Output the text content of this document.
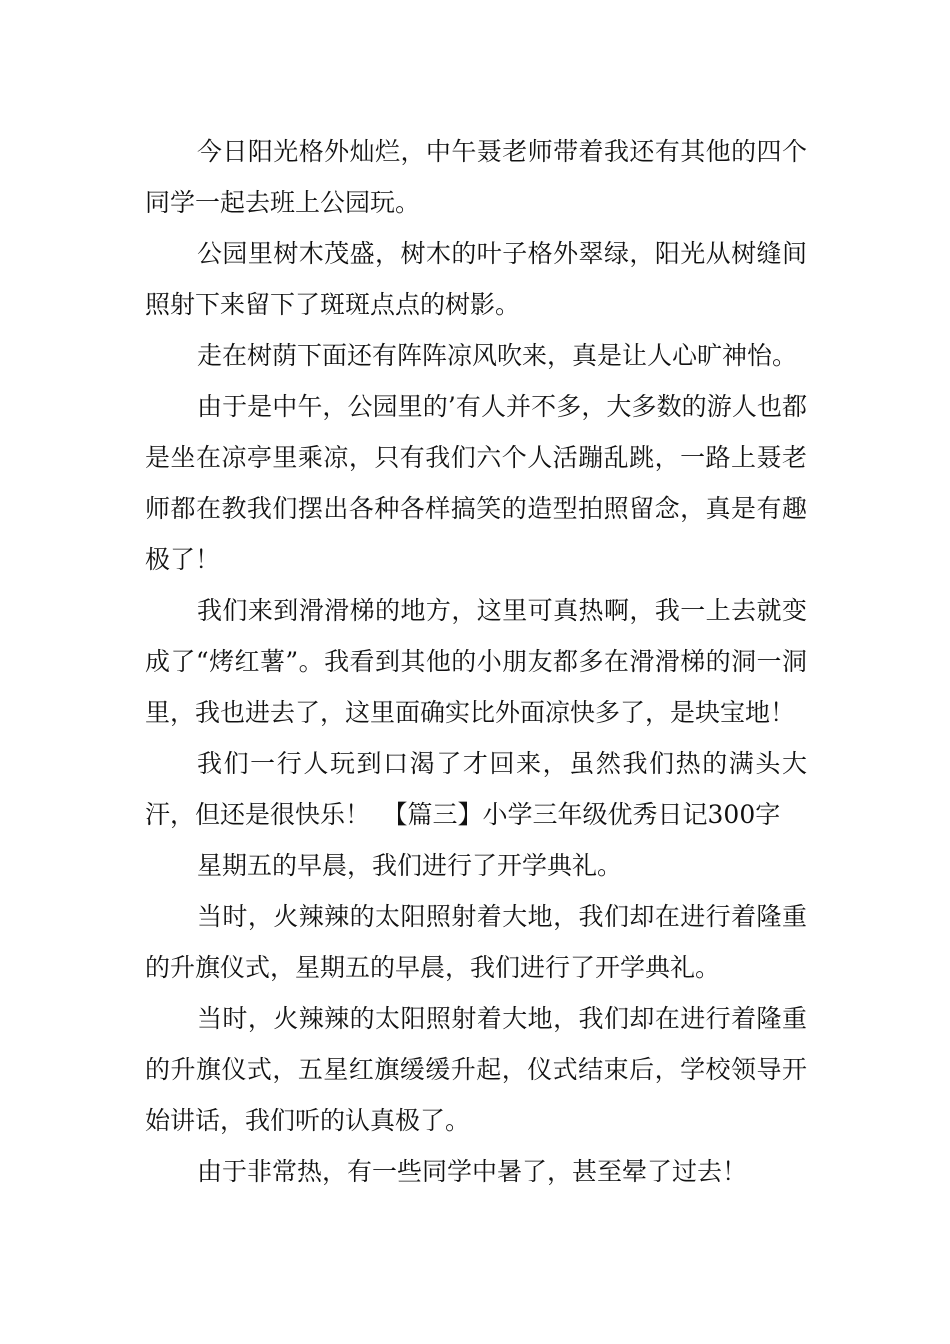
今日阳光格外灿烂，中午聂老师带着我还有其他的四个同学一起去班上公园玩。

公园里树木茂盛，树木的叶子格外翠绿，阳光从树缝间照射下来留下了斑斑点点的树影。

走在树荫下面还有阵阵凉风吹来，真是让人心旷神怡。

由于是中午，公园里的’有人并不多，大多数的游人也都是坐在凉亭里乘凉，只有我们六个人活蹦乱跳，一路上聂老师都在教我们摆出各种各样搞笑的造型拍照留念，真是有趣极了！

我们来到滑滑梯的地方，这里可真热啊，我一上去就变成了“烤红薯”。我看到其他的小朋友都多在滑滑梯的洞一洞里，我也进去了，这里面确实比外面凉快多了，是块宝地！

我们一行人玩到口渴了才回来，虽然我们热的满头大汗，但还是很快乐！　【篇三】小学三年级优秀日记300字

星期五的早晨，我们进行了开学典礼。

当时，火辣辣的太阳照射着大地，我们却在进行着隆重的升旗仪式，星期五的早晨，我们进行了开学典礼。

当时，火辣辣的太阳照射着大地，我们却在进行着隆重的升旗仪式，五星红旗缓缓升起，仪式结束后，学校领导开始讲话，我们听的认真极了。

由于非常热，有一些同学中暑了，甚至晕了过去！
